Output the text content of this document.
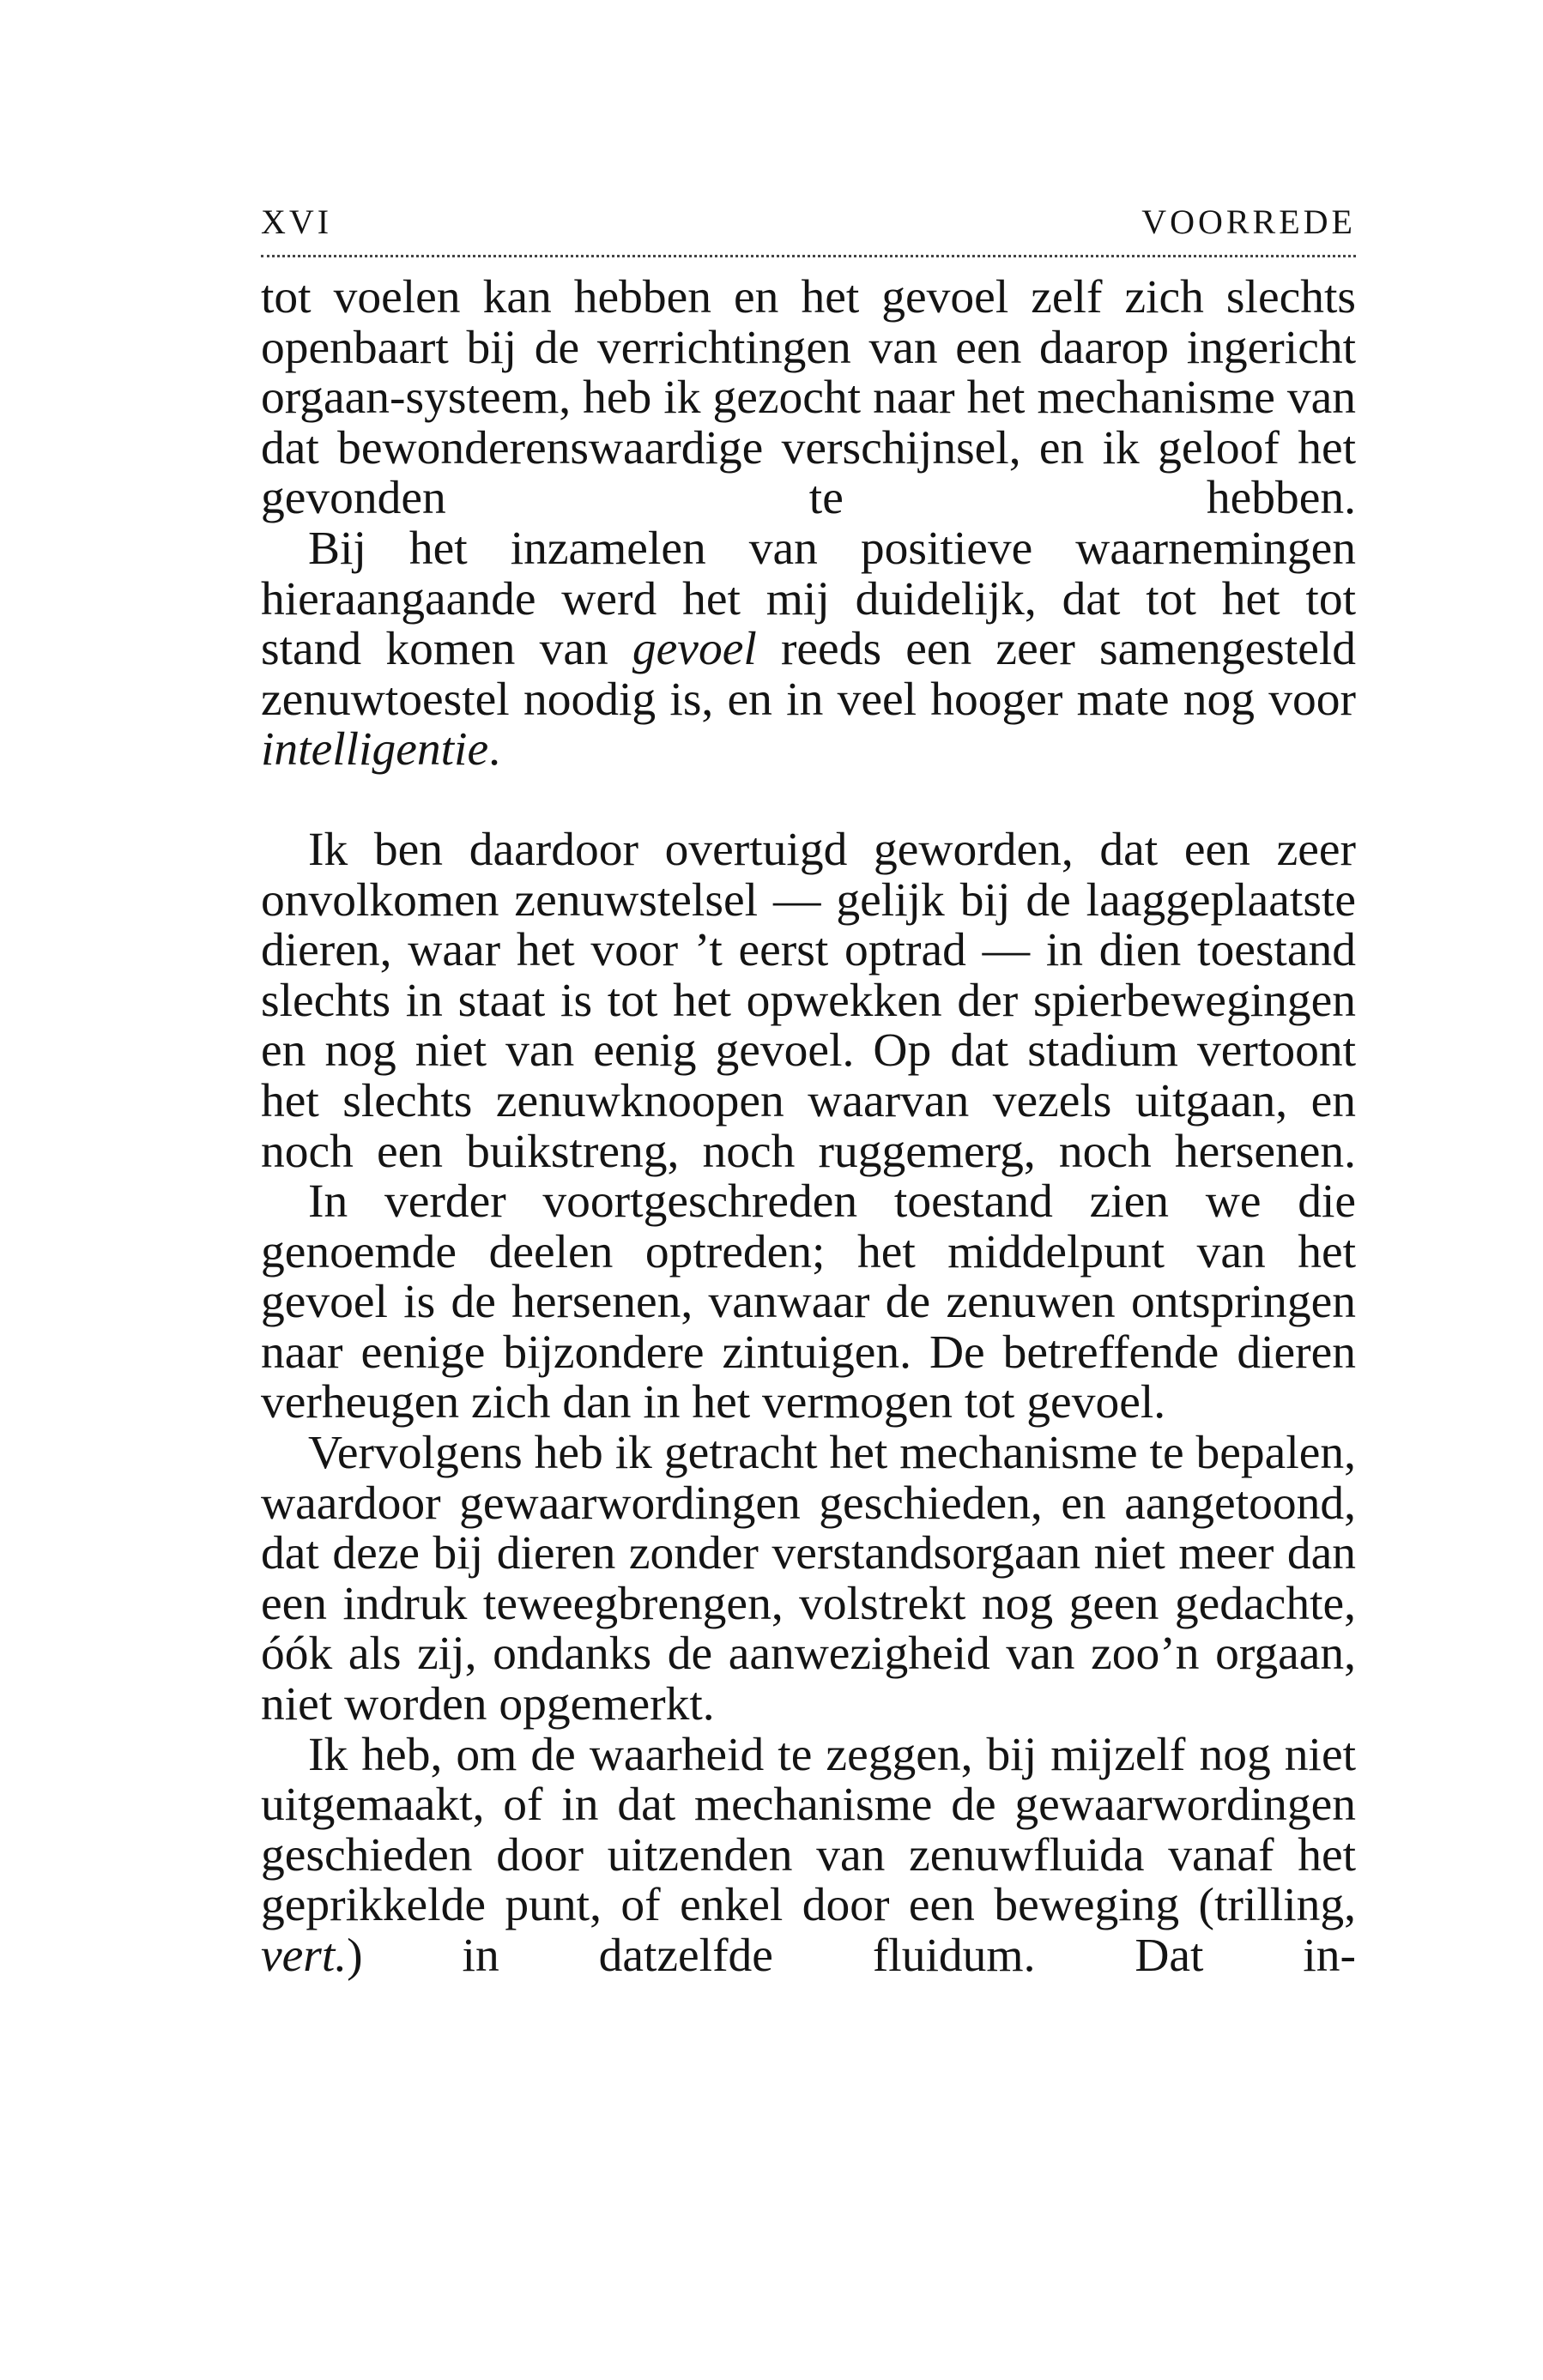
XVI	VOORREDE

tot voelen kan hebben en het gevoel zelf zich slechts openbaart bij de verrichtingen van een daarop ingericht orgaan-systeem, heb ik gezocht naar het mechanisme van dat bewonderenswaardige verschijnsel, en ik geloof het gevonden te hebben.

Bij het inzamelen van positieve waarnemingen hieraangaande werd het mij duidelijk, dat tot het tot stand komen van gevoel reeds een zeer samengesteld zenuwtoestel noodig is, en in veel hooger mate nog voor intelligentie.

Ik ben daardoor overtuigd geworden, dat een zeer onvolkomen zenuwstelsel — gelijk bij de laaggeplaatste dieren, waar het voor ’t eerst optrad — in dien toestand slechts in staat is tot het opwekken der spierbewegingen en nog niet van eenig gevoel. Op dat stadium vertoont het slechts zenuwknoopen waarvan vezels uitgaan, en noch een buikstreng, noch ruggemerg, noch hersenen.

In verder voortgeschreden toestand zien we die genoemde deelen optreden; het middelpunt van het gevoel is de hersenen, vanwaar de zenuwen ontspringen naar eenige bijzondere zintuigen. De betreffende dieren verheugen zich dan in het vermogen tot gevoel.

Vervolgens heb ik getracht het mechanisme te bepalen, waardoor gewaarwordingen geschieden, en aangetoond, dat deze bij dieren zonder verstandsorgaan niet meer dan een indruk teweegbrengen, volstrekt nog geen gedachte, óók als zij, ondanks de aanwezigheid van zoo’n orgaan, niet worden opgemerkt.

Ik heb, om de waarheid te zeggen, bij mijzelf nog niet uitgemaakt, of in dat mechanisme de gewaarwordingen geschieden door uitzenden van zenuwfluida vanaf het geprikkelde punt, of enkel door een beweging (trilling, vert.) in datzelfde fluidum. Dat in-
